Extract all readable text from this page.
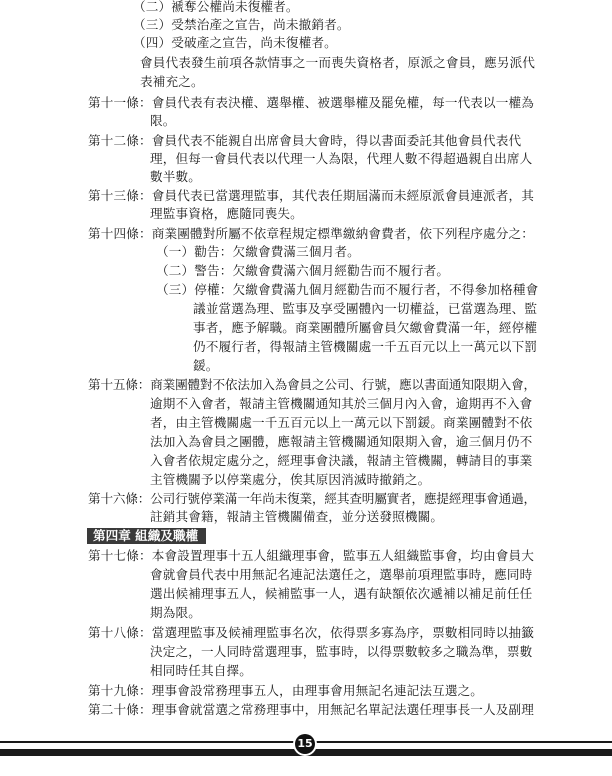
（二）褫奪公權尚未復權者。

（三）受禁治產之宣告，尚未撤銷者。

（四）受破產之宣告，尚未復權者。

會員代表發生前項各款情事之一而喪失資格者，原派之會員，應另派代

表補充之。

第十一條：會員代表有表決權、選舉權、被選舉權及罷免權，每一代表以一權為

限。

第十二條：會員代表不能親自出席會員大會時，得以書面委託其他會員代表代

理，但每一會員代表以代理一人為限，代理人數不得超過親自出席人

數半數。

第十三條：會員代表已當選理監事，其代表任期屆滿而未經原派會員連派者，其

理監事資格，應隨同喪失。

第十四條：商業團體對所屬不依章程規定標準繳納會費者，依下列程序處分之：

（一）勸告：欠繳會費滿三個月者。

（二）警告：欠繳會費滿六個月經勸告而不履行者。

（三）停權：欠繳會費滿九個月經勸告而不履行者，不得參加格種會

議並當選為理、監事及享受團體內一切權益，已當選為理、監

事者，應予解職。商業團體所屬會員欠繳會費滿一年，經停權

仍不履行者，得報請主管機關處一千五百元以上一萬元以下罰

鍰。

第十五條：商業團體對不依法加入為會員之公司、行號，應以書面通知限期入會，

逾期不入會者，報請主管機關通知其於三個月內入會，逾期再不入會

者，由主管機關處一千五百元以上一萬元以下罰鍰。商業團體對不依

法加入為會員之團體，應報請主管機關通知限期入會，逾三個月仍不

入會者依規定處分之，經理事會決議，報請主管機關，轉請目的事業

主管機關予以停業處分，俟其原因消滅時撤銷之。

第十六條：公司行號停業滿一年尚未復業，經其查明屬實者，應提經理事會通過，

註銷其會籍，報請主管機關備查，並分送發照機關。

第十七條：本會設置理事十五人組織理事會，監事五人組織監事會，均由會員大

會就會員代表中用無記名連記法選任之，選舉前項理監事時，應同時

選出候補理事五人，候補監事一人，遇有缺額依次遞補以補足前任任

期為限。

第十八條：當選理監事及候補理監事名次，依得票多寡為序，票數相同時以抽籤

決定之，一人同時當選理事，監事時，以得票數較多之職為準，票數

相同時任其自擇。

第十九條：理事會設常務理事五人，由理事會用無記名連記法互選之。

第二十條：理事會就當選之常務理事中，用無記名單記法選任理事長一人及副理

第四章 組織及職權
15
